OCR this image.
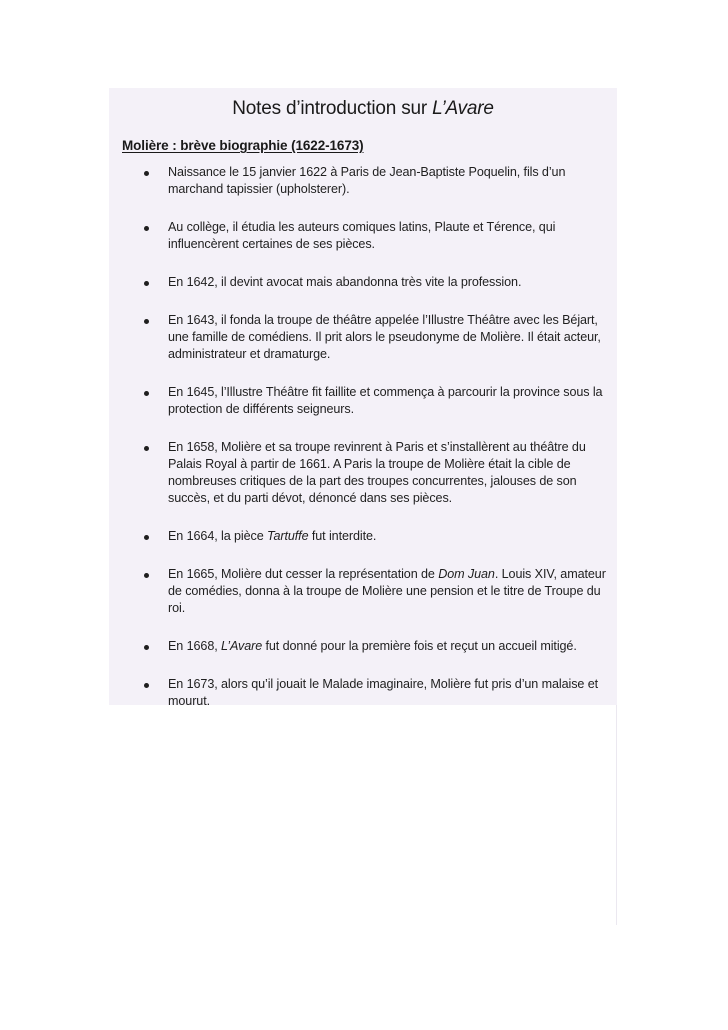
Notes d’introduction sur L’Avare
Molière : brève biographie (1622-1673)
Naissance le 15 janvier 1622 à Paris de Jean-Baptiste Poquelin, fils d’un marchand tapissier (upholsterer).
Au collège, il étudia les auteurs comiques latins, Plaute et Térence, qui influencèrent certaines de ses pièces.
En 1642, il devint avocat mais abandonna très vite la profession.
En 1643, il fonda la troupe de théâtre appelée l’Illustre Théâtre avec les Béjart, une famille de comédiens. Il prit alors le pseudonyme de Molière. Il était acteur, administrateur et dramaturge.
En 1645, l’Illustre Théâtre fit faillite et commença à parcourir la province sous la protection de différents seigneurs.
En 1658, Molière et sa troupe revinrent à Paris et s’installèrent au théâtre du Palais Royal à partir de 1661. A Paris la troupe de Molière était la cible de nombreuses critiques de la part des troupes concurrentes, jalouses de son succès, et du parti dévot, dénoncé dans ses pièces.
En 1664, la pièce Tartuffe fut interdite.
En 1665, Molière dut cesser la représentation de Dom Juan. Louis XIV, amateur de comédies, donna à la troupe de Molière une pension et le titre de Troupe du roi.
En 1668, L’Avare fut donné pour la première fois et reçut un accueil mitigé.
En 1673, alors qu’il jouait le Malade imaginaire, Molière fut pris d’un malaise et mourut.
